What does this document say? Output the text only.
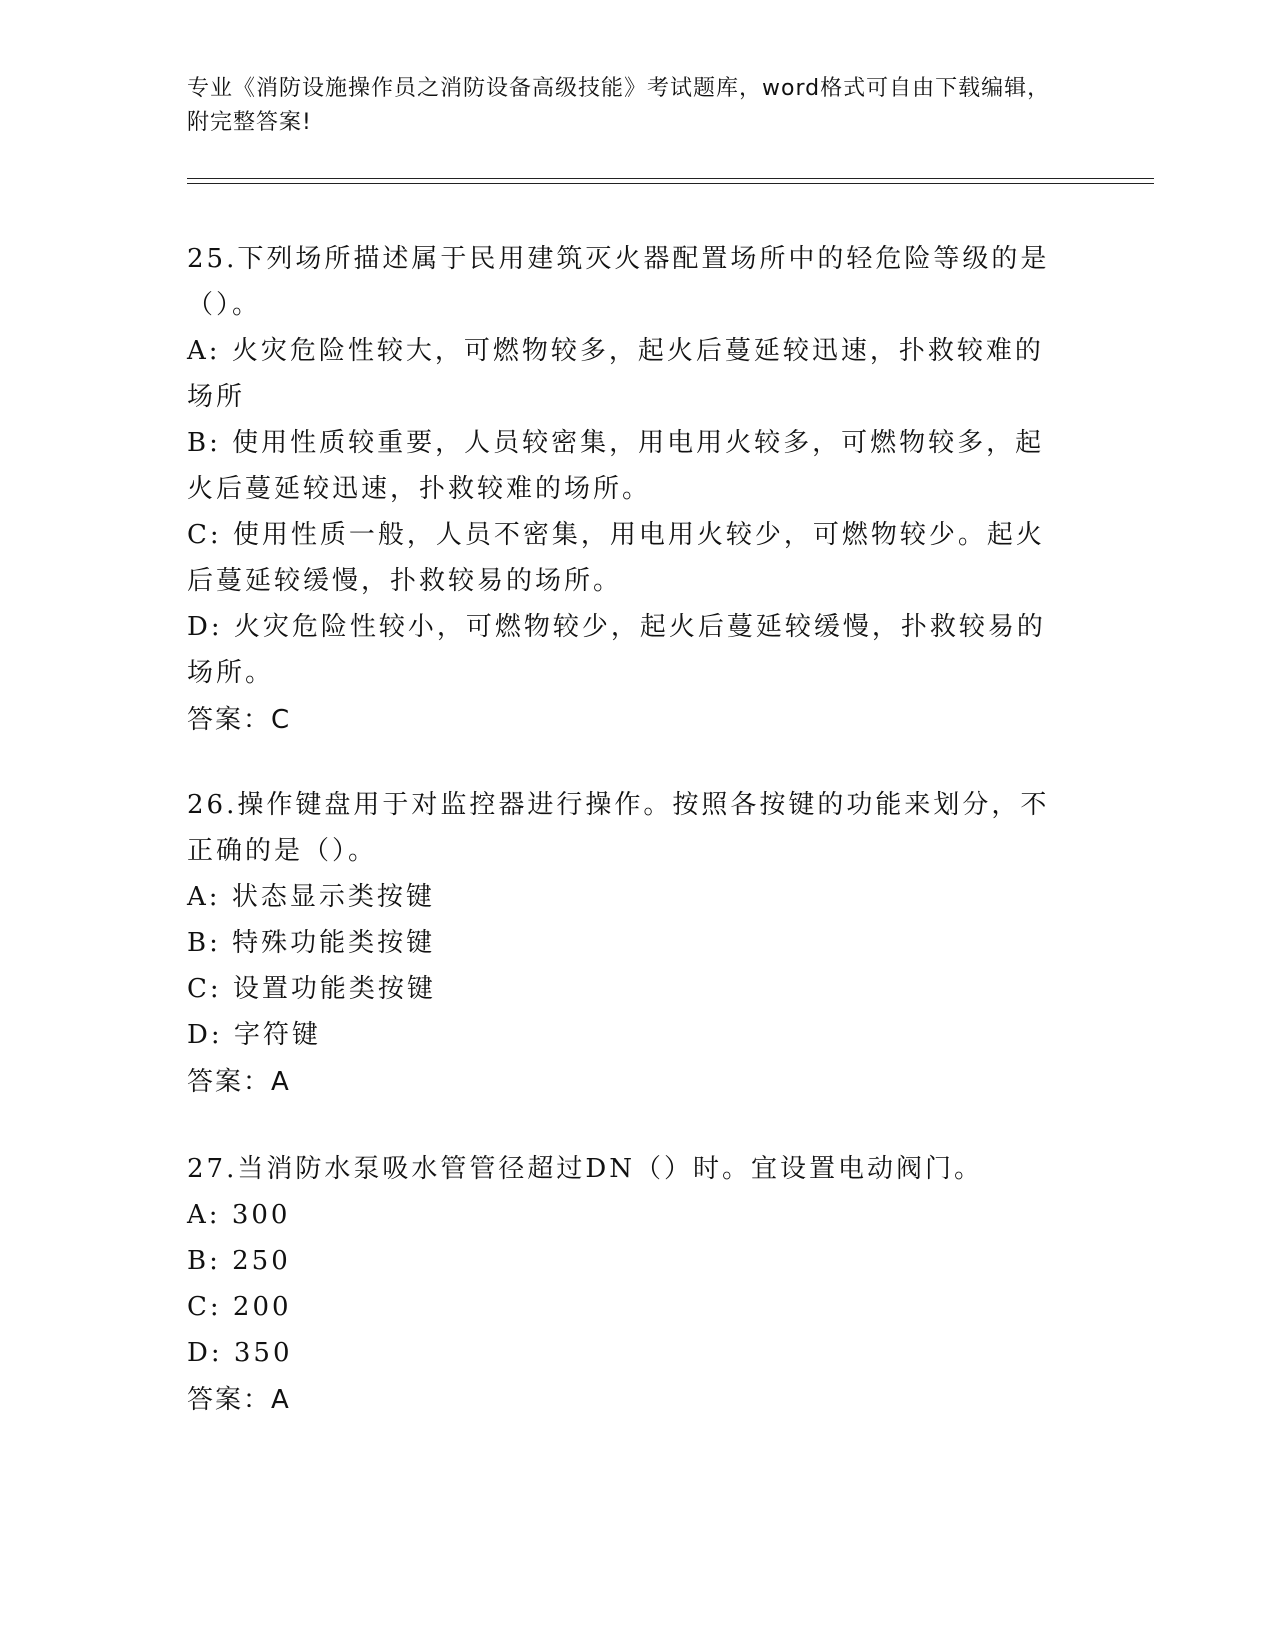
专业《消防设施操作员之消防设备高级技能》考试题库，word格式可自由下载编辑，附完整答案!

25.下列场所描述属于民用建筑灭火器配置场所中的轻危险等级的是（）。

A: 火灾危险性较大，可燃物较多，起火后蔓延较迅速，扑救较难的场所

B: 使用性质较重要，人员较密集，用电用火较多，可燃物较多，起火后蔓延较迅速，扑救较难的场所。

C: 使用性质一般，人员不密集，用电用火较少，可燃物较少。起火后蔓延较缓慢，扑救较易的场所。

D: 火灾危险性较小，可燃物较少，起火后蔓延较缓慢，扑救较易的场所。

答案：C

26.操作键盘用于对监控器进行操作。按照各按键的功能来划分，不正确的是（）。

A: 状态显示类按键

B: 特殊功能类按键

C: 设置功能类按键

D: 字符键

答案：A

27.当消防水泵吸水管管径超过DN（）时。宜设置电动阀门。

A: 300

B: 250

C: 200

D: 350

答案：A
